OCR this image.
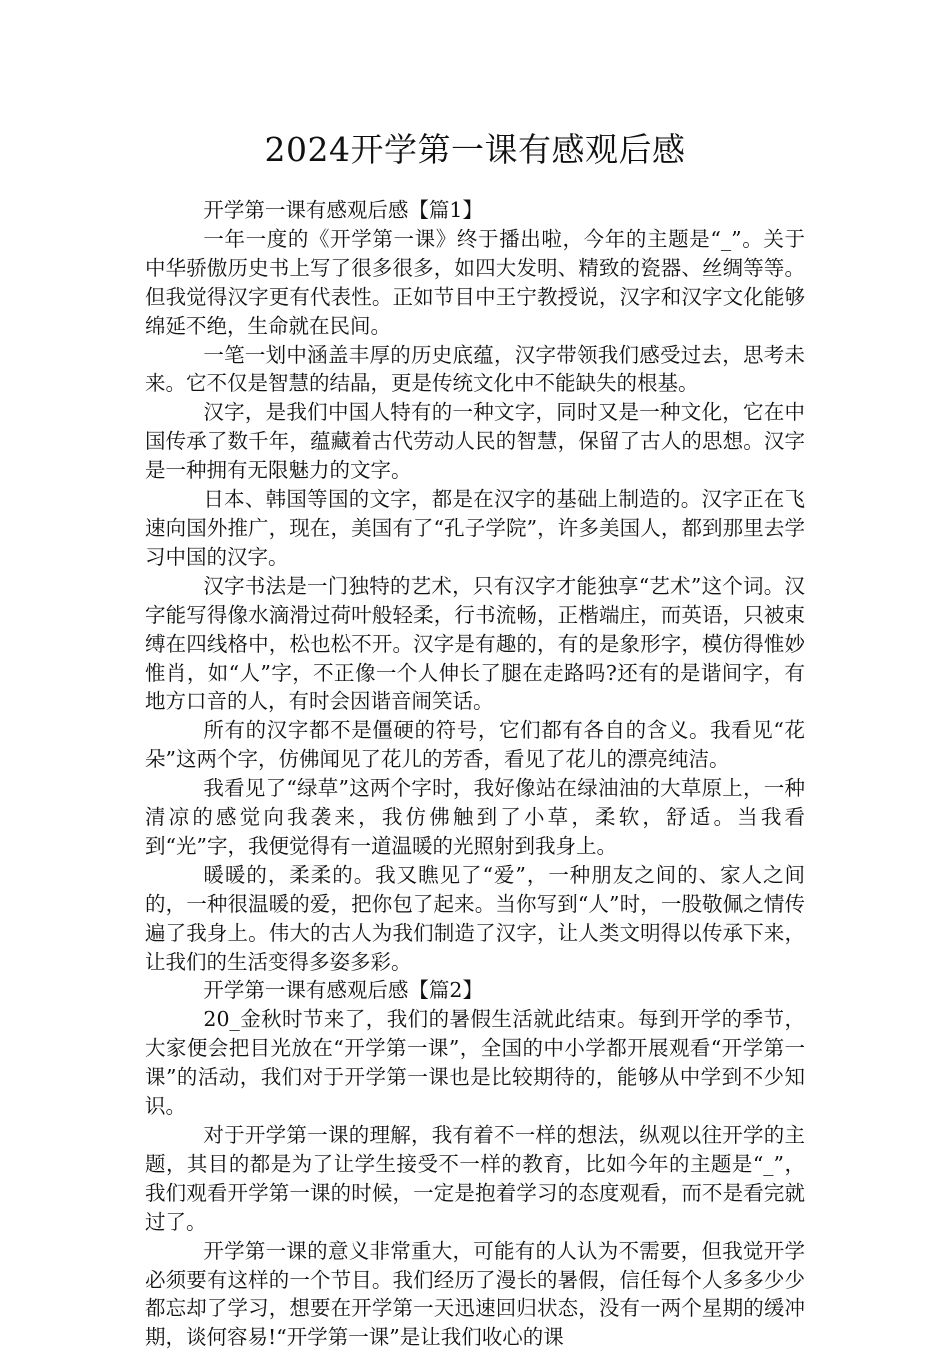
2024开学第一课有感观后感

开学第一课有感观后感【篇1】

一年一度的《开学第一课》终于播出啦，今年的主题是“_”。关于中华骄傲历史书上写了很多很多，如四大发明、精致的瓷器、丝绸等等。但我觉得汉字更有代表性。正如节目中王宁教授说，汉字和汉字文化能够绵延不绝，生命就在民间。

一笔一划中涵盖丰厚的历史底蕴，汉字带领我们感受过去，思考未来。它不仅是智慧的结晶，更是传统文化中不能缺失的根基。

汉字，是我们中国人特有的一种文字，同时又是一种文化，它在中国传承了数千年，蕴藏着古代劳动人民的智慧，保留了古人的思想。汉字是一种拥有无限魅力的文字。

日本、韩国等国的文字，都是在汉字的基础上制造的。汉字正在飞速向国外推广，现在，美国有了“孔子学院”，许多美国人，都到那里去学习中国的汉字。

汉字书法是一门独特的艺术，只有汉字才能独享“艺术”这个词。汉字能写得像水滴滑过荷叶般轻柔，行书流畅，正楷端庄，而英语，只被束缚在四线格中，松也松不开。汉字是有趣的，有的是象形字，模仿得惟妙惟肖，如“人”字，不正像一个人伸长了腿在走路吗?还有的是谐间字，有地方口音的人，有时会因谐音闹笑话。

所有的汉字都不是僵硬的符号，它们都有各自的含义。我看见“花朵”这两个字，仿佛闻见了花儿的芳香，看见了花儿的漂亮纯洁。

我看见了“绿草”这两个字时，我好像站在绿油油的大草原上，一种清凉的感觉向我袭来，我仿佛触到了小草，柔软，舒适。当我看到“光”字，我便觉得有一道温暖的光照射到我身上。

暖暖的，柔柔的。我又瞧见了“爱”，一种朋友之间的、家人之间的，一种很温暖的爱，把你包了起来。当你写到“人”时，一股敬佩之情传遍了我身上。伟大的古人为我们制造了汉字，让人类文明得以传承下来，让我们的生活变得多姿多彩。

开学第一课有感观后感【篇2】

20_金秋时节来了，我们的暑假生活就此结束。每到开学的季节，大家便会把目光放在“开学第一课”，全国的中小学都开展观看“开学第一课”的活动，我们对于开学第一课也是比较期待的，能够从中学到不少知识。

对于开学第一课的理解，我有着不一样的想法，纵观以往开学的主题，其目的都是为了让学生接受不一样的教育，比如今年的主题是“_”，我们观看开学第一课的时候，一定是抱着学习的态度观看，而不是看完就过了。

开学第一课的意义非常重大，可能有的人认为不需要，但我觉开学必须要有这样的一个节目。我们经历了漫长的暑假，信任每个人多多少少都忘却了学习，想要在开学第一天迅速回归状态，没有一两个星期的缓冲期，谈何容易!“开学第一课”是让我们收心的课
